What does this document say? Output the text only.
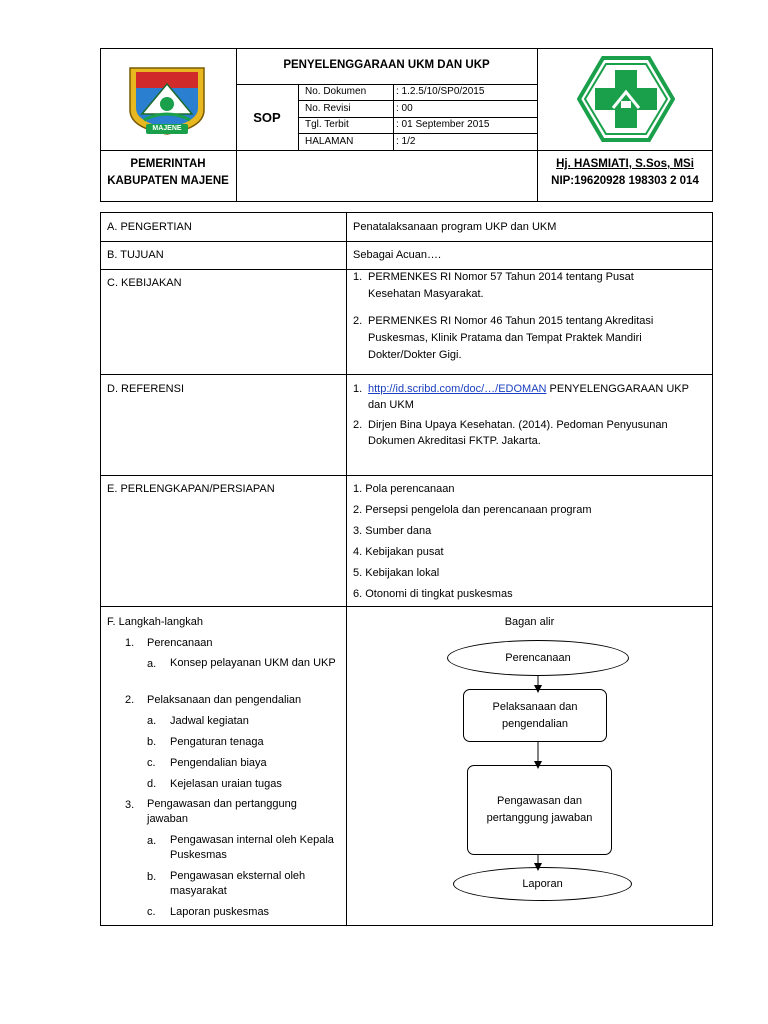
MAJENE
PENYELENGGARAAN UKM DAN UKP
SOP
No. Dokumen	: 1.2.5/10/SP0/2015
No. Revisi	: 00
Tgl. Terbit	: 01 September 2015
HALAMAN	: 1/2
PEMERINTAH
KABUPATEN MAJENE
Hj. HASMIATI, S.Sos, MSi
NIP:19620928 198303 2 014
A. PENGERTIAN	Penatalaksanaan program UKP dan UKM
B. TUJUAN	Sebagai Acuan….
C. KEBIJAKAN	1. PERMENKES RI Nomor 57 Tahun 2014 tentang Pusat Kesehatan Masyarakat.
2. PERMENKES RI Nomor 46 Tahun 2015 tentang Akreditasi Puskesmas, Klinik Pratama dan Tempat Praktek Mandiri Dokter/Dokter Gigi.
D. REFERENSI	1. http://id.scribd.com/doc/…/EDOMAN PENYELENGGARAAN UKP dan UKM
2. Dirjen Bina Upaya Kesehatan. (2014). Pedoman Penyusunan Dokumen Akreditasi FKTP. Jakarta.
E. PERLENGKAPAN/PERSIAPAN	1. Pola perencanaan
2. Persepsi pengelola dan perencanaan program
3. Sumber dana
4. Kebijakan pusat
5. Kebijakan lokal
6. Otonomi di tingkat puskesmas
F. Langkah-langkah
1. Perencanaan
a. Konsep pelayanan UKM dan UKP
2. Pelaksanaan dan pengendalian
a. Jadwal kegiatan
b. Pengaturan tenaga
c. Pengendalian biaya
d. Kejelasan uraian tugas
3. Pengawasan dan pertanggung jawaban
a. Pengawasan internal oleh Kepala Puskesmas
b. Pengawasan eksternal oleh masyarakat
c. Laporan puskesmas
Bagan alir
Perencanaan
Pelaksanaan dan pengendalian
Pengawasan dan pertanggung jawaban
Laporan
